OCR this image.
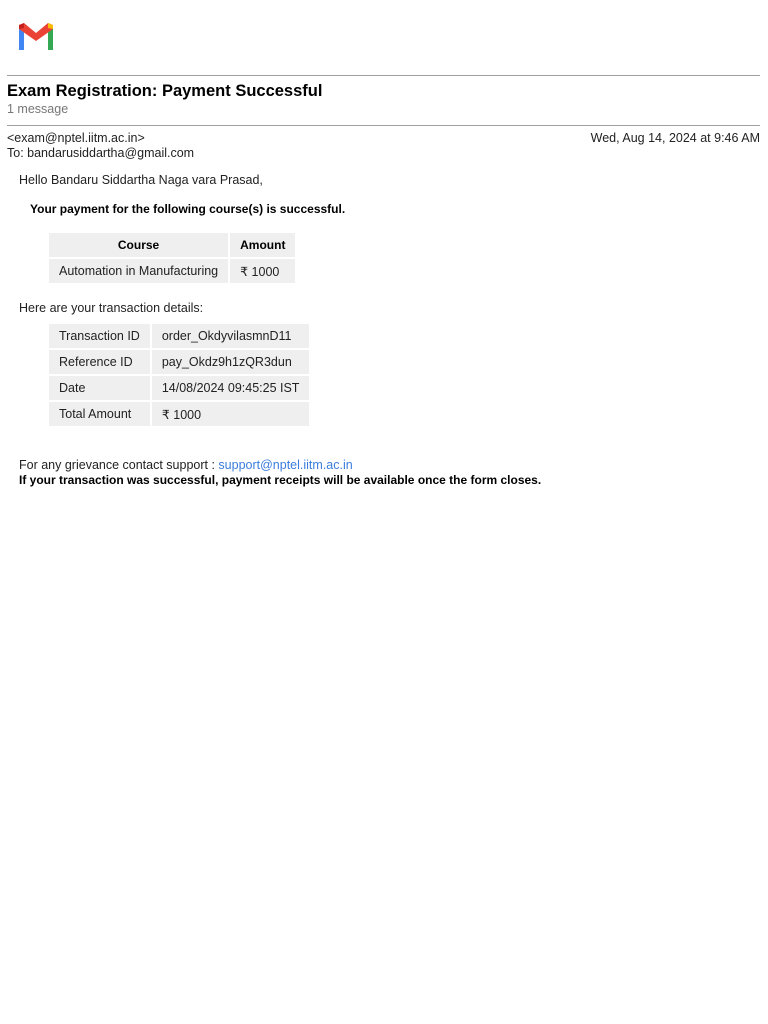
Exam Registration: Payment Successful
1 message
<exam@nptel.iitm.ac.in>
To: bandarusiddartha@gmail.com
Wed, Aug 14, 2024 at 9:46 AM
Hello Bandaru Siddartha Naga vara Prasad,
Your payment for the following course(s) is successful.
Course	Amount
Automation in Manufacturing	₹ 1000
Here are your transaction details:
Transaction ID	order_OkdyvilasmnD11
Reference ID	pay_Okdz9h1zQR3dun
Date	14/08/2024 09:45:25 IST
Total Amount	₹ 1000
For any grievance contact support : support@nptel.iitm.ac.in
If your transaction was successful, payment receipts will be available once the form closes.
